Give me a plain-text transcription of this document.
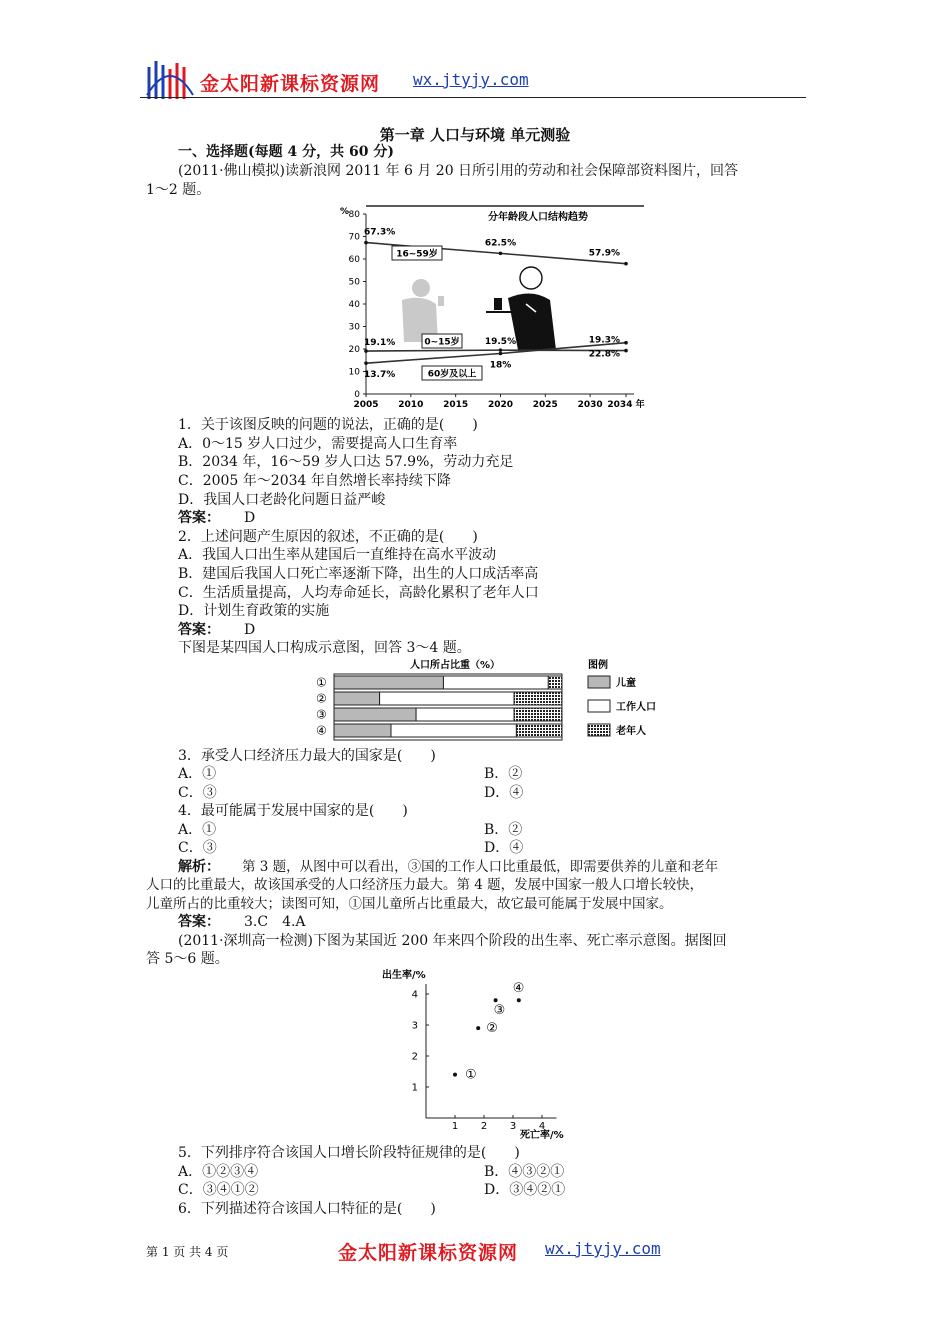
金太阳新课标资源网 wx.jtyjy.com
第一章 人口与环境 单元测验
一、选择题(每题 4 分，共 60 分)
(2011·佛山模拟)读新浪网 2011 年 6 月 20 日所引用的劳动和社会保障部资料图片，回答
1～2 题。
%	分年龄段人口结构趋势
0
10
20
30
40
50
60
70
80
2005 2010 2015 2020 2025 2030 2034 年
67.3%
62.5%
57.9%
19.1%	19.5%	19.3%
13.7%
18%
22.8%
16~59岁
0~15岁
60岁及以上
1．关于该图反映的问题的说法，正确的是(　　)
A．0～15 岁人口过少，需要提高人口生育率
B．2034 年，16～59 岁人口达 57.9%，劳动力充足
C．2005 年～2034 年自然增长率持续下降
D．我国人口老龄化问题日益严峻
答案： D
2．上述问题产生原因的叙述，不正确的是(　　)
A．我国人口出生率从建国后一直维持在高水平波动
B．建国后我国人口死亡率逐渐下降，出生的人口成活率高
C．生活质量提高，人均寿命延长，高龄化累积了老年人口
D．计划生育政策的实施
答案： D
下图是某四国人口构成示意图，回答 3～4 题。
人口所占比重（%）
①
②
③
④
图例
儿童
工作人口
老年人
3．承受人口经济压力最大的国家是(　　)
A．①	B．②
C．③	D．④
4．最可能属于发展中国家的是(　　)
A．①	B．②
C．③	D．④
解析： 第 3 题，从图中可以看出，③国的工作人口比重最低，即需要供养的儿童和老年
人口的比重最大，故该国承受的人口经济压力最大。第 4 题，发展中国家一般人口增长较快，
儿童所占的比重较大；读图可知，①国儿童所占比重最大，故它最可能属于发展中国家。
答案： 3.C　4.A
(2011·深圳高一检测)下图为某国近 200 年来四个阶段的出生率、死亡率示意图。据图回
答 5～6 题。
出生率/%
死亡率/%
1 2 3 4
1
2
3
4
①
②
③
④
5．下列排序符合该国人口增长阶段特征规律的是(　　)
A．①②③④	B．④③②①
C．③④①②	D．③④②①
6．下列描述符合该国人口特征的是(　　)
第 1 页 共 4 页	金太阳新课标资源网 wx.jtyjy.com
